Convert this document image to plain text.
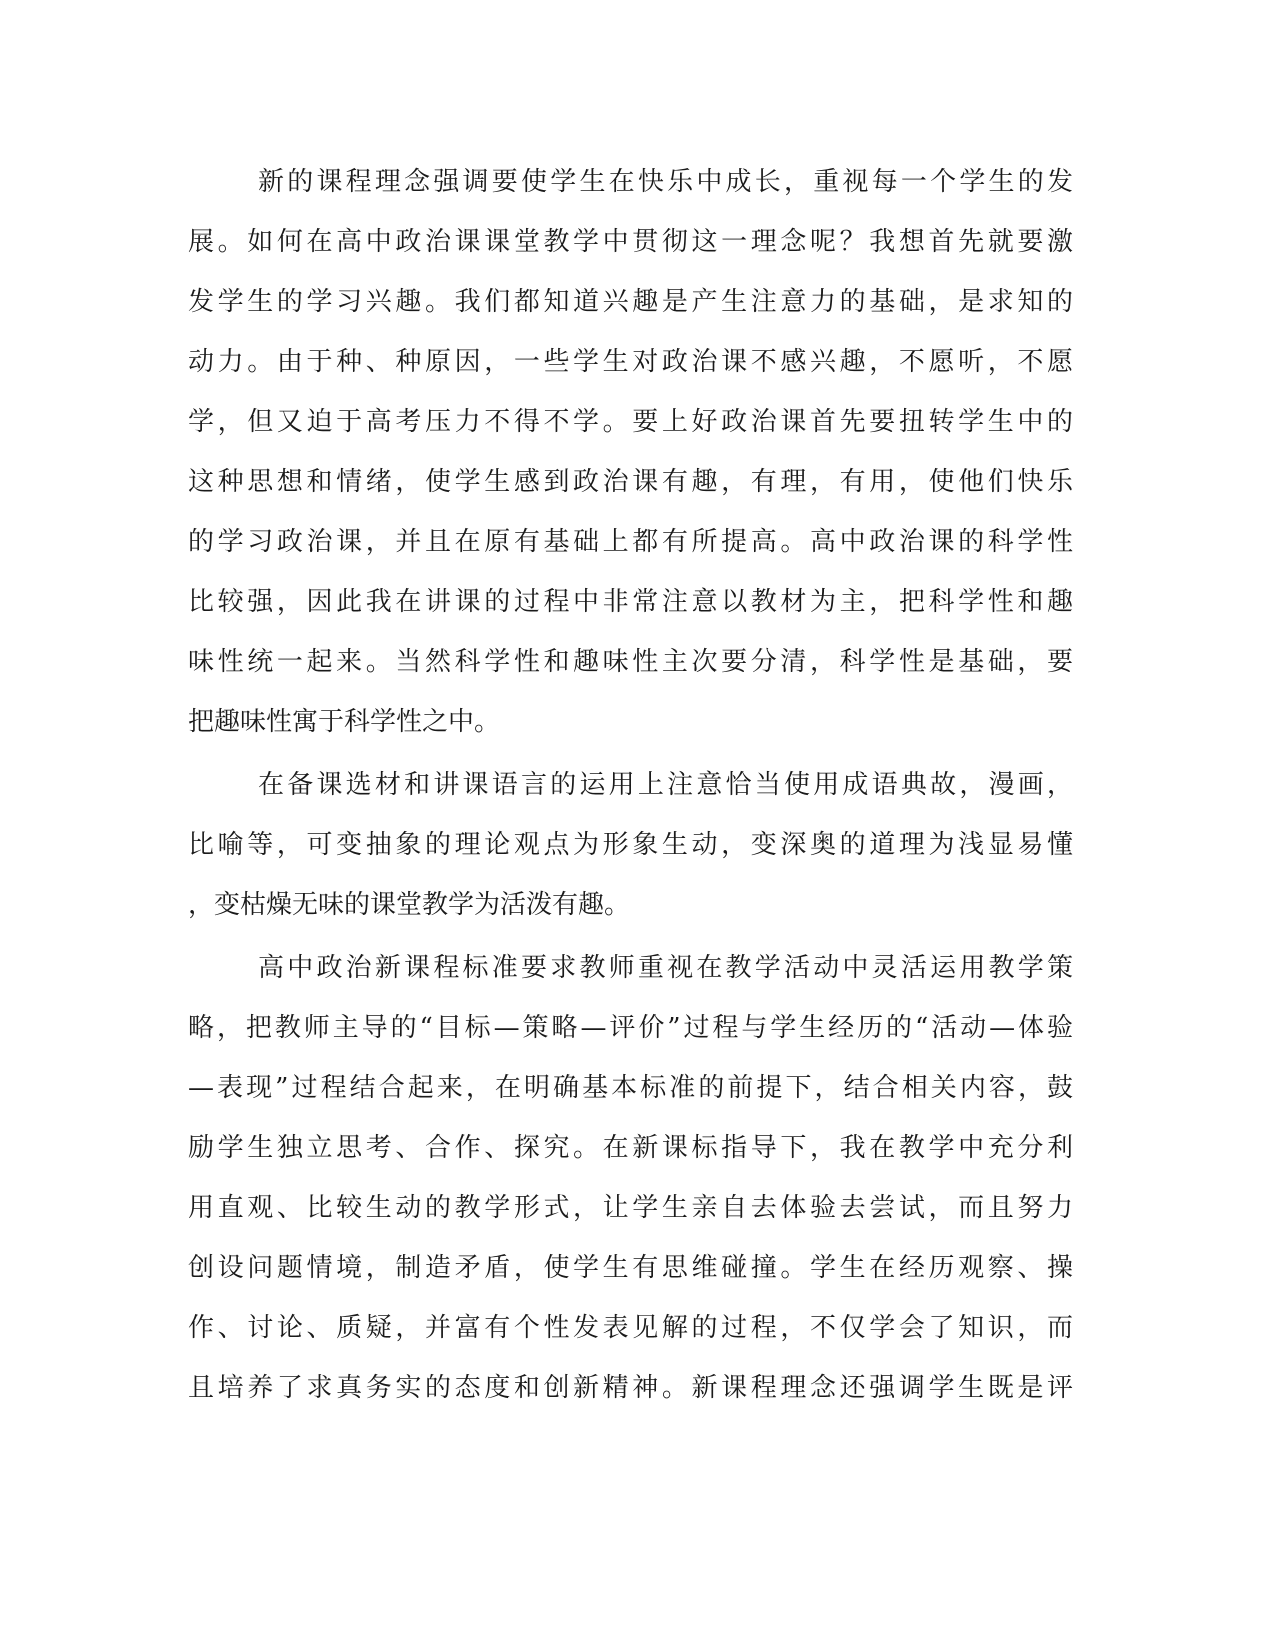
新的课程理念强调要使学生在快乐中成长，重视每一个学生的发
展。如何在高中政治课课堂教学中贯彻这一理念呢？我想首先就要激
发学生的学习兴趣。我们都知道兴趣是产生注意力的基础，是求知的
动力。由于种、种原因，一些学生对政治课不感兴趣，不愿听，不愿
学，但又迫于高考压力不得不学。要上好政治课首先要扭转学生中的
这种思想和情绪，使学生感到政治课有趣，有理，有用，使他们快乐
的学习政治课，并且在原有基础上都有所提高。高中政治课的科学性
比较强，因此我在讲课的过程中非常注意以教材为主，把科学性和趣
味性统一起来。当然科学性和趣味性主次要分清，科学性是基础，要
把趣味性寓于科学性之中。
在备课选材和讲课语言的运用上注意恰当使用成语典故，漫画，
比喻等，可变抽象的理论观点为形象生动，变深奥的道理为浅显易懂
，变枯燥无味的课堂教学为活泼有趣。
高中政治新课程标准要求教师重视在教学活动中灵活运用教学策
略，把教师主导的“目标—策略—评价”过程与学生经历的“活动—体验
—表现”过程结合起来，在明确基本标准的前提下，结合相关内容，鼓
励学生独立思考、合作、探究。在新课标指导下，我在教学中充分利
用直观、比较生动的教学形式，让学生亲自去体验去尝试，而且努力
创设问题情境，制造矛盾，使学生有思维碰撞。学生在经历观察、操
作、讨论、质疑，并富有个性发表见解的过程，不仅学会了知识，而
且培养了求真务实的态度和创新精神。新课程理念还强调学生既是评
